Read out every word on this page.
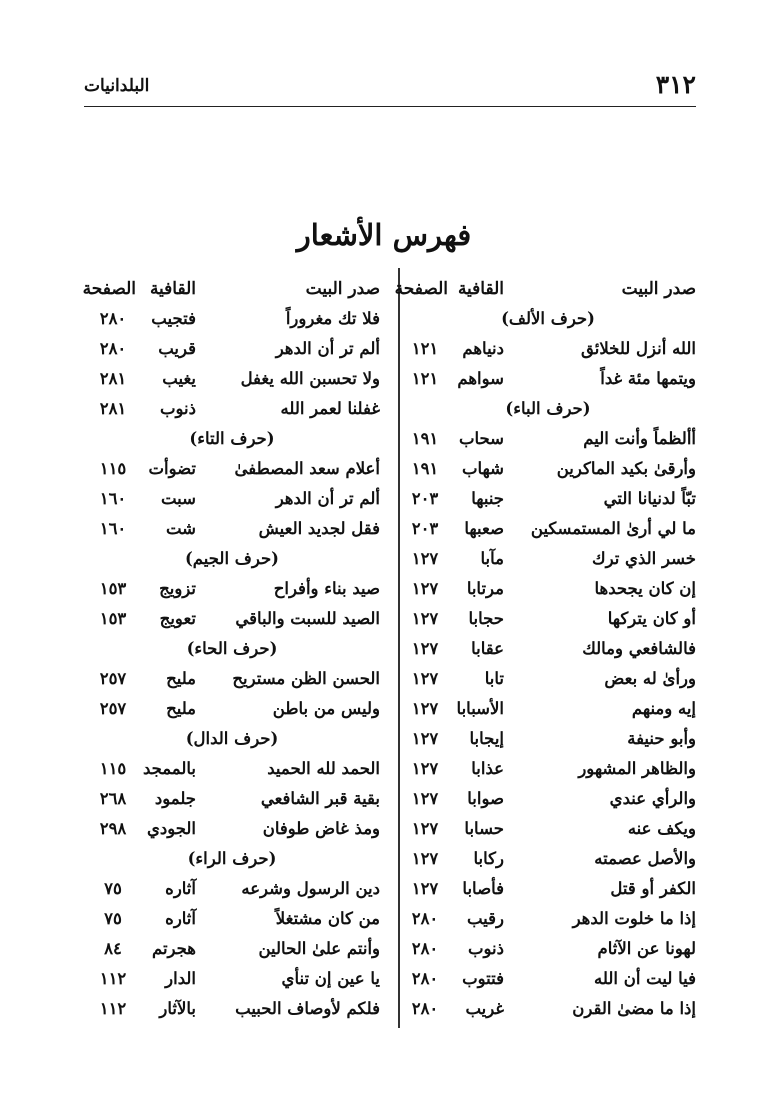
٣١٢
البلدانيات
فهرس الأشعار
صدر البيت
القافية
الصفحة
(حرف الألف)
الله أنزل للخلائق
دنياهم
١٢١
ويتمها مئة غداً
سواهم
١٢١
(حرف الباء)
أألظماً وأنت اليم
سحاب
١٩١
وأرقىٰ بكيد الماكرين
شهاب
١٩١
تبّاً لدنيانا التي
جنبها
٢٠٣
ما لي أرىٰ المستمسكين
صعبها
٢٠٣
خسر الذي ترك
مآبا
١٢٧
إن كان يجحدها
مرتابا
١٢٧
أو كان يتركها
حجابا
١٢٧
فالشافعي ومالك
عقابا
١٢٧
ورأىٰ له بعض
تابا
١٢٧
إيه ومنهم
الأسبابا
١٢٧
وأبو حنيفة
إيجابا
١٢٧
والظاهر المشهور
عذابا
١٢٧
والرأي عندي
صوابا
١٢٧
ويكف عنه
حسابا
١٢٧
والأصل عصمته
ركابا
١٢٧
الكفر أو قتل
فأصابا
١٢٧
إذا ما خلوت الدهر
رقيب
٢٨٠
لهونا عن الآثام
ذنوب
٢٨٠
فيا ليت أن الله
فتتوب
٢٨٠
إذا ما مضىٰ القرن
غريب
٢٨٠
صدر البيت
القافية
الصفحة
فلا تك مغروراً
فتجيب
٢٨٠
ألم تر أن الدهر
قريب
٢٨٠
ولا تحسبن الله يغفل
يغيب
٢٨١
غفلنا لعمر الله
ذنوب
٢٨١
(حرف التاء)
أعلام سعد المصطفىٰ
تضوأت
١١٥
ألم تر أن الدهر
سبت
١٦٠
فقل لجديد العيش
شت
١٦٠
(حرف الجيم)
صيد بناء وأفراح
تزويج
١٥٣
الصيد للسبت والباقي
تعويج
١٥٣
(حرف الحاء)
الحسن الظن مستريح
مليح
٢٥٧
وليس من باطن
مليح
٢٥٧
(حرف الدال)
الحمد لله الحميد
بالممجد
١١٥
بقية قبر الشافعي
جلمود
٢٦٨
ومذ غاض طوفان
الجودي
٢٩٨
(حرف الراء)
دين الرسول وشرعه
آثاره
٧٥
من كان مشتغلاً
آثاره
٧٥
وأنتم علىٰ الحالين
هجرتم
٨٤
يا عين إن تنأي
الدار
١١٢
فلكم لأوصاف الحبيب
بالآثار
١١٢
